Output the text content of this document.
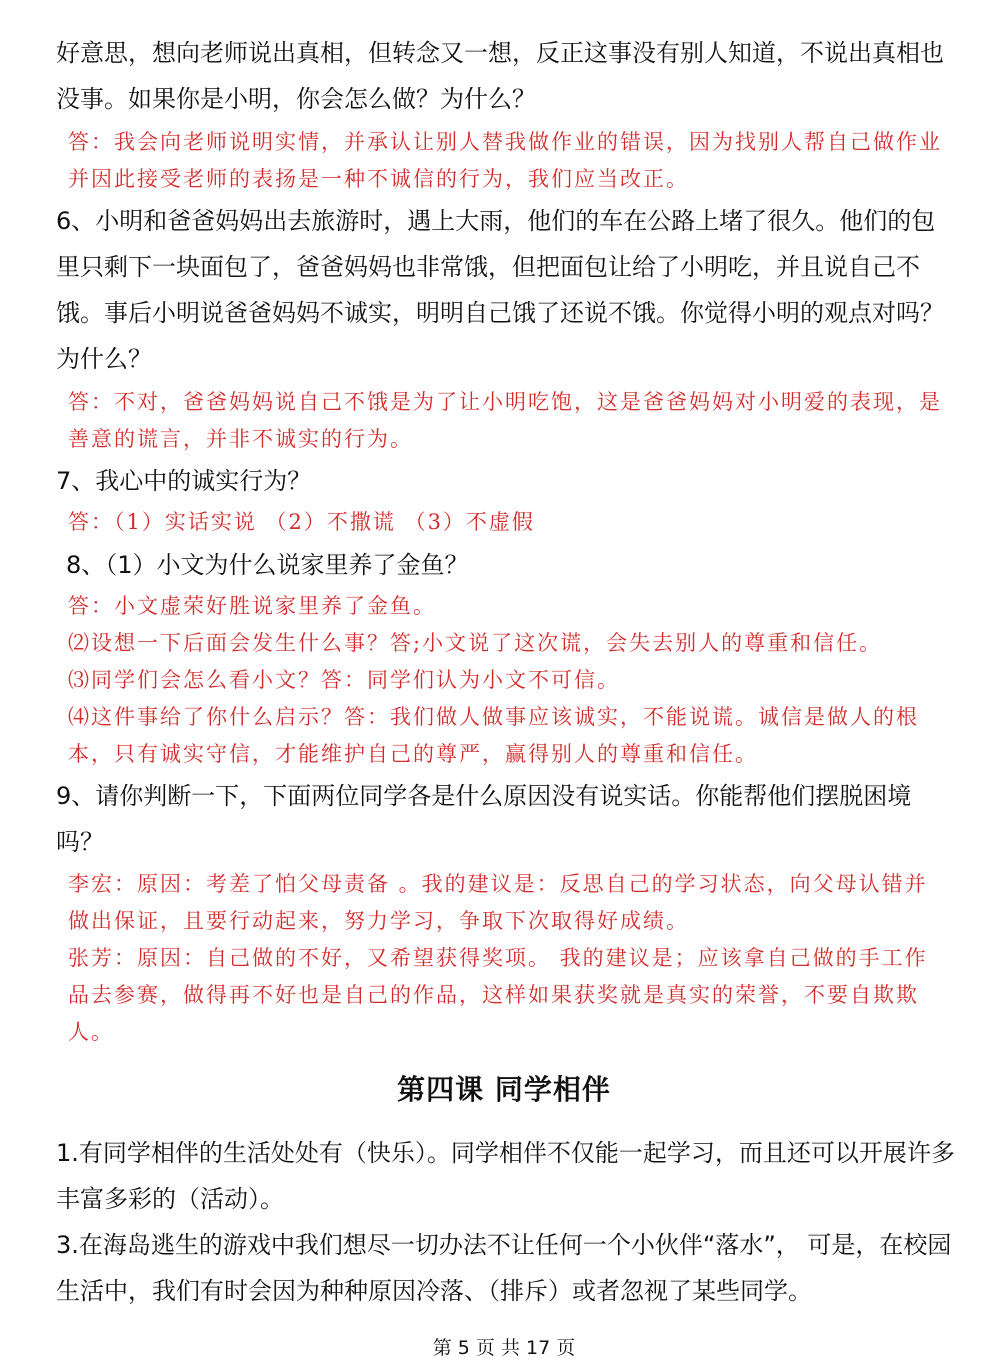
好意思，想向老师说出真相，但转念又一想，反正这事没有别人知道，不说出真相也没事。如果你是小明，你会怎么做？为什么？

答：我会向老师说明实情，并承认让别人替我做作业的错误，因为找别人帮自己做作业并因此接受老师的表扬是一种不诚信的行为，我们应当改正。

6、小明和爸爸妈妈出去旅游时，遇上大雨，他们的车在公路上堵了很久。他们的包里只剩下一块面包了，爸爸妈妈也非常饿，但把面包让给了小明吃，并且说自己不饿。事后小明说爸爸妈妈不诚实，明明自己饿了还说不饿。你觉得小明的观点对吗？为什么？

答：不对，爸爸妈妈说自己不饿是为了让小明吃饱，这是爸爸妈妈对小明爱的表现，是善意的谎言，并非不诚实的行为。

7、我心中的诚实行为？

答：（1）实话实说 （2）不撒谎 （3）不虚假

8、（1）小文为什么说家里养了金鱼？

答：小文虚荣好胜说家里养了金鱼。

⑵设想一下后面会发生什么事？答;小文说了这次谎，会失去别人的尊重和信任。

⑶同学们会怎么看小文？答：同学们认为小文不可信。

⑷这件事给了你什么启示？答：我们做人做事应该诚实，不能说谎。诚信是做人的根本，只有诚实守信，才能维护自己的尊严，赢得别人的尊重和信任。

9、请你判断一下，下面两位同学各是什么原因没有说实话。你能帮他们摆脱困境吗？

李宏：原因：考差了怕父母责备 。我的建议是：反思自己的学习状态，向父母认错并做出保证，且要行动起来，努力学习，争取下次取得好成绩。

张芳：原因：自己做的不好，又希望获得奖项。 我的建议是；应该拿自己做的手工作品去参赛，做得再不好也是自己的作品，这样如果获奖就是真实的荣誉，不要自欺欺人。

第四课 同学相伴

1.有同学相伴的生活处处有（快乐）。同学相伴不仅能一起学习，而且还可以开展许多丰富多彩的（活动）。

3.在海岛逃生的游戏中我们想尽一切办法不让任何一个小伙伴“落水”， 可是，在校园生活中，我们有时会因为种种原因冷落、（排斥）或者忽视了某些同学。

第 5 页 共 17 页
